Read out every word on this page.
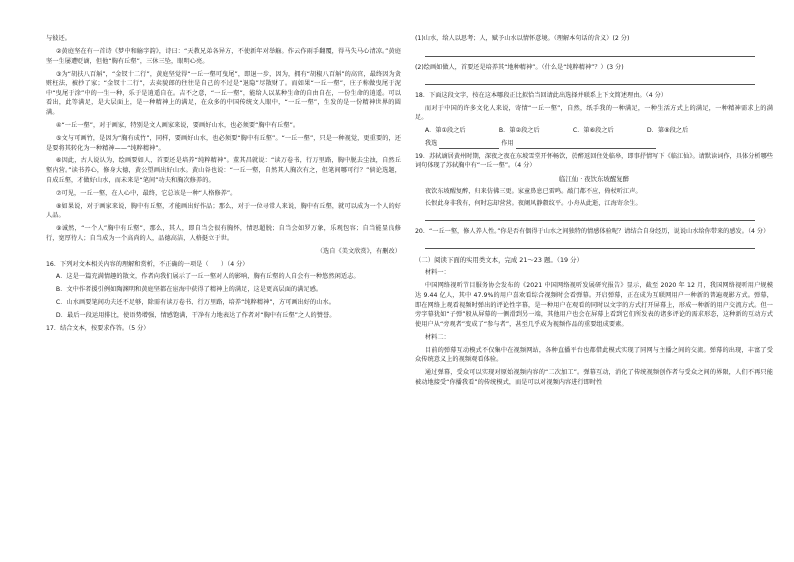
与彼还。

②黄庭坚在有一首诗《梦中和觞字韵》，诗曰：“天教兄弟各异方，不使新年对举觞。作云作雨手翻覆，得马失马心清凉。”黄庭坚一生屡遭贬谪，但他“胸有丘壑”，三休三坠，眼明心亮。

③为“胡扶八百斛”，“金钗十二行”，黄庭坚觉得“一丘一壑可曳尾”，即退一步，因为，拥有“胡椒八百斛”的高官，最终因为贪赃枉法，被抄了家；“金钗十二行”，去卖貌郎的往往是自己的不过是“退隐”尽散财了。而如果“一丘一壑”，庄子称做曳尾于泥中“曳尾于涂”中的一生一种，乐于是逍遥自在。吉不之意，“一丘一壑”，能给人以某种生命的自由自在，一份生命的逍遥。可以看出，此等满足，是大层面上，是一种精神上的满足，在众多的中国传统文人眼中，“一丘一壑”，生发的是一份精神世界的圆满。

④“一丘一壑”，对于画家，特别是文人画家来说，要画好山水，也必须要“胸中有丘壑”。

⑤文与可画竹，是因为“胸有成竹”，同样，要画好山水，也必须要“胸中有丘壑”。“一丘一壑”，只是一种视觉，更重要的，还是要将其转化为一种精神——“纯粹精神”。

⑥因此，古人说认为，绘画要如人，首要还是培养“纯粹精神”。董其昌就说：“读万卷书，行万里路，胸中脱去尘浊，自然丘壑内营。”读书养心，修身大德，黄公望画出好山水。黄山谷也说：“一丘一壑，自然其人胸次有之，但笔间哪可行？”倘论选题，自成丘壑，才做好山水，而未来是“笔间”功夫和胸次修养的。

⑦可见，一丘一壑，在人心中，最终，它总该是一种“人格修养”。

⑧如果说，对于画家来说，胸中有丘壑，才能画出好作品；那么，对于一位寻常人来说，胸中有丘壑，就可以成为一个人的好人品。

⑨诚然，“一个人”胸中有丘壑”，那么，其人，即自当会很有胸怀，情思超脱；自当会如罗万象，乐观包容；自当能显良修行，宽厚待人；自当成为一个高尚的人，品德高洁，人格挺立于世。

（选自《美文欣赏》，有删改）

16．下列对文本相关内容的理解和赏析，不正确的一项是（　　）（4 分）

A．这是一篇充满情趣的散文，作者向我们展示了一丘一壑对人的影响，胸有丘壑的人自会有一种悠然闲适志。

B．文中作者援引例如陶渊明和黄庭坚都在宦海中获得了精神上的满足，这是更高层面的满足感。

C．山水画要笔间功夫还不足够，除需有读万卷书、行万里路，培养“纯粹精神”，方可画出好的山水。

D．最后一段运用排比，使语势增强，情感饱满，干净有力地表达了作者对“胸中有丘壑”之人的赞誉。

17．结合文本，按要求作答。（5 分）

(1)山水，给人以思考；人，赋予山水以情怀意境。（理解本句话的含义）(2 分)

(2)绘画如做人，首要还是培养其“地种精神”。（什么是“纯粹精神”？）(3 分)

18．下面这段文字，按在这本哪段正比拟恰当回请此出选择并联系上下文简述理由。（4 分）

而对于中国的许多文化人来说，寄情“一丘一壑”，自然，纸手我的一种满足，一种生活方式上的满足，一种精神需求上的满足。

A．第①段之后	B．第②段之后	C．第⑥段之后	D．第⑧段之后

我选	作用

19．苏轼谪居黄州时期，深夜之夜在东坡雪堂开怀畅饮，於醉返回住处临皋，即事抒情写下《临江仙》。请默读词作，具体分析哪些词句体现了苏轼胸中有“一丘一壑”。（4 分）

临江仙 · 夜饮东坡醒复醉

夜饮东坡醒复醉，归来仿佛三更。家童鼻息已雷鸣。敲门都不应，倚杖听江声。

长恨此身非我有，何时忘却营营。夜阑风静縠纹平。小舟从此逝，江海寄余生。

20．“一丘一壑，修人养人性。”你是否有偶得于山水之间独特的情感体验呢？请结合自身经历，说说山水给你带来的感发。（4 分）

（二）阅读下面的实用类文本，完成 21～23 题。（19 分）

材料一：

中国网络视听节目服务协会发布的《2021 中国网络视听发展研究报告》显示，截至 2020 年 12 月，我国网络视听用户规模达 9.44 亿人，其中 47.9%的用户喜欢看综合视频时会看弹幕。开启弹幕，正在成为互联网用户一种新的普遍观影方式。弹幕，即在网络上观看视频时弹出的评论性字幕，是一种用户在观看的同时以文字的方式打开屏幕上，形成一种新的用户交流方式。但一旁字幕犹如“子弹”般从屏幕的一侧滑到另一端，其他用户也会在屏幕上看到它们所发表的诸多评论的需求形态，这种新的互动方式使用户从“旁观者”变成了“参与者”，甚至几乎成为视频作品的重要组成要素。

材料二：

目前的弹幕互动模式不仅集中在视频网站，各种直播平台也都借此模式实现了同网与主播之间的交流。弹幕的出现，丰富了受众传统意义上的视频观看体验。

通过弹幕，受众可以实现对原始视频内容的“二次加工”。弹幕互动，消化了传统视频创作者与受众之间的界限，人们不再只能被动地接受“你播我看”的传统模式，而是可以对视频内容进行即时性
